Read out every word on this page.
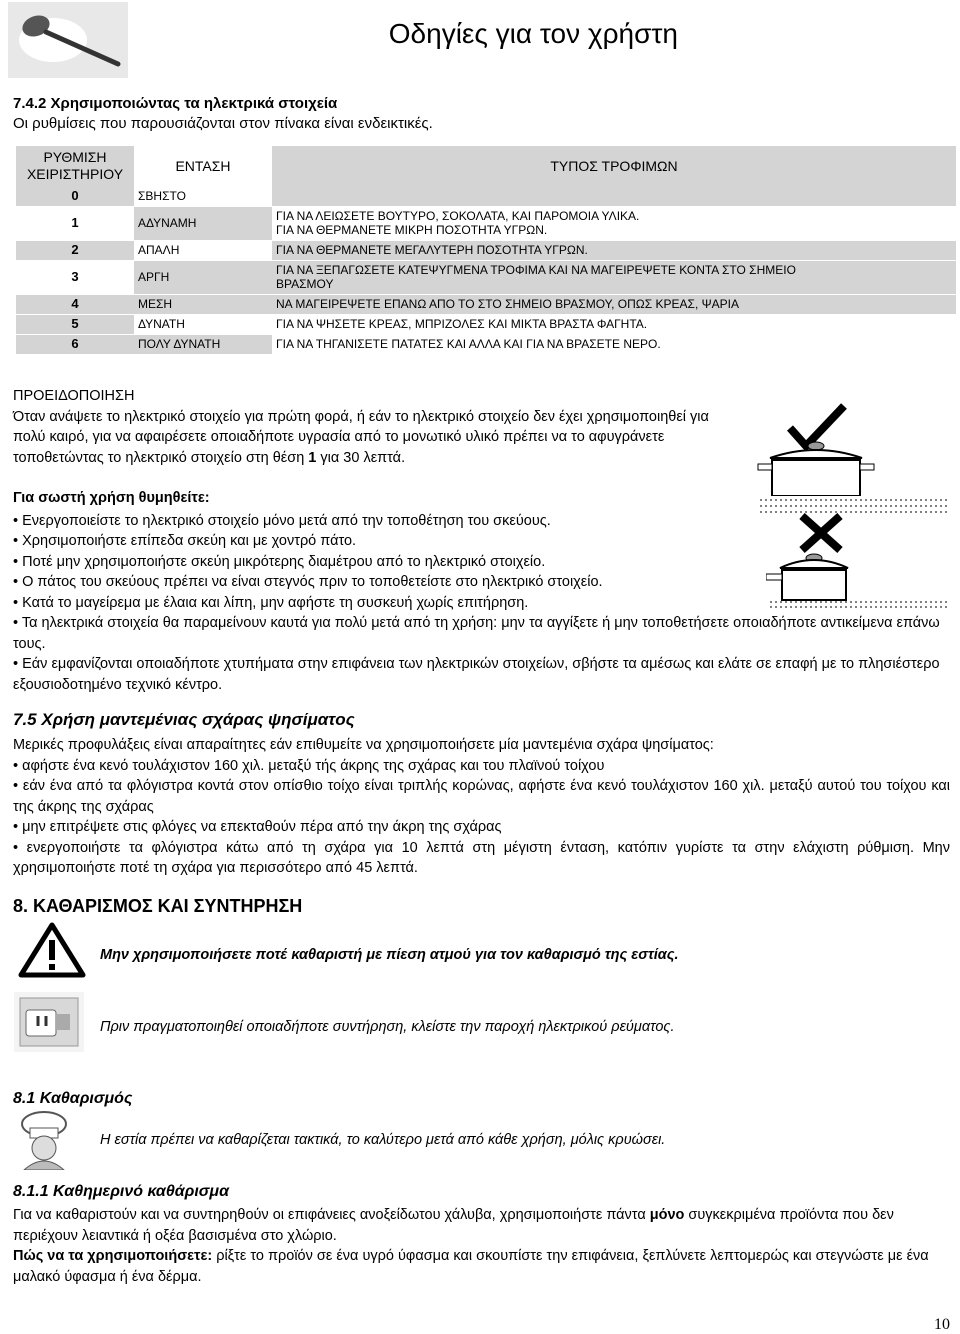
Οδηγίες για τον χρήστη
7.4.2 Χρησιμοποιώντας τα ηλεκτρικά στοιχεία
Οι ρυθμίσεις που παρουσιάζονται στον πίνακα είναι ενδεικτικές.
ΡΥΘΜΙΣΗ
ΧΕΙΡΙΣΤΗΡΙΟΥ	ΕΝΤΑΣΗ	ΤΥΠΟΣ ΤΡΟΦΙΜΩΝ
0	ΣΒΗΣΤΟ	
1	ΑΔΥΝΑΜΗ	ΓΙΑ ΝΑ ΛΕΙΩΣΕΤΕ ΒΟΥΤΥΡΟ, ΣΟΚΟΛΑΤΑ, ΚΑΙ ΠΑΡΟΜΟΙΑ ΥΛΙΚΑ.
ΓΙΑ ΝΑ ΘΕΡΜΑΝΕΤΕ ΜΙΚΡΗ ΠΟΣΟΤΗΤΑ ΥΓΡΩΝ.
2	ΑΠΑΛΗ	ΓΙΑ ΝΑ ΘΕΡΜΑΝΕΤΕ ΜΕΓΑΛΥΤΕΡΗ ΠΟΣΟΤΗΤΑ ΥΓΡΩΝ.
3	ΑΡΓΗ	ΓΙΑ ΝΑ ΞΕΠΑΓΩΣΕΤΕ ΚΑΤΕΨΥΓΜΕΝΑ ΤΡΟΦΙΜΑ ΚΑΙ ΝΑ ΜΑΓΕΙΡΕΨΕΤΕ ΚΟΝΤΑ ΣΤΟ ΣΗΜΕΙΟ
ΒΡΑΣΜΟΥ
4	ΜΕΣΗ	ΝΑ ΜΑΓΕΙΡΕΨΕΤΕ ΕΠΑΝΩ ΑΠΟ ΤΟ ΣΤΟ ΣΗΜΕΙΟ ΒΡΑΣΜΟΥ, ΟΠΩΣ ΚΡΕΑΣ, ΨΑΡΙΑ
5	ΔΥΝΑΤΗ	ΓΙΑ ΝΑ ΨΗΣΕΤΕ ΚΡΕΑΣ, ΜΠΡΙΖΟΛΕΣ ΚΑΙ ΜΙΚΤΑ ΒΡΑΣΤΑ ΦΑΓΗΤΑ.
6	ΠΟΛΥ ΔΥΝΑΤΗ	ΓΙΑ ΝΑ ΤΗΓΑΝΙΣΕΤΕ ΠΑΤΑΤΕΣ ΚΑΙ ΑΛΛΑ ΚΑΙ ΓΙΑ ΝΑ ΒΡΑΣΕΤΕ ΝΕΡΟ.
ΠΡΟΕΙΔΟΠΟΙΗΣΗ
Όταν ανάψετε το ηλεκτρικό στοιχείο για πρώτη φορά, ή εάν το ηλεκτρικό στοιχείο δεν έχει χρησιμοποιηθεί για πολύ καιρό, για να αφαιρέσετε οποιαδήποτε υγρασία από το μονωτικό υλικό πρέπει να το αφυγράνετε τοποθετώντας το ηλεκτρικό στοιχείο στη θέση 1 για 30 λεπτά.
Για σωστή χρήση θυμηθείτε:
• Ενεργοποιείστε το ηλεκτρικό στοιχείο μόνο μετά από την τοποθέτηση του σκεύους.
• Χρησιμοποιήστε επίπεδα σκεύη και με χοντρό πάτο.
• Ποτέ μην χρησιμοποιήστε σκεύη μικρότερης διαμέτρου από το ηλεκτρικό στοιχείο.
• Ο πάτος του σκεύους πρέπει να είναι στεγνός πριν το τοποθετείστε στο ηλεκτρικό στοιχείο.
• Κατά το μαγείρεμα με έλαια και λίπη, μην αφήστε τη συσκευή χωρίς επιτήρηση.
• Τα ηλεκτρικά στοιχεία θα παραμείνουν καυτά για πολύ μετά από τη χρήση: μην τα αγγίξετε ή μην τοποθετήσετε οποιαδήποτε αντικείμενα επάνω τους.
• Εάν εμφανίζονται οποιαδήποτε χτυπήματα στην επιφάνεια των ηλεκτρικών στοιχείων, σβήστε τα αμέσως και ελάτε σε επαφή με το πλησιέστερο εξουσιοδοτημένο τεχνικό κέντρο.
7.5 Χρήση μαντεμένιας σχάρας ψησίματος
Μερικές προφυλάξεις είναι απαραίτητες εάν επιθυμείτε να χρησιμοποιήσετε μία μαντεμένια σχάρα ψησίματος:
• αφήστε ένα κενό τουλάχιστον 160 χιλ. μεταξύ τής άκρης της σχάρας και του πλαϊνού τοίχου
• εάν ένα από τα φλόγιστρα κοντά στον οπίσθιο τοίχο είναι τριπλής κορώνας, αφήστε ένα κενό τουλάχιστον 160 χιλ. μεταξύ αυτού του τοίχου και της άκρης της σχάρας
• μην επιτρέψετε στις φλόγες να επεκταθούν πέρα από την άκρη της σχάρας
• ενεργοποιήστε τα φλόγιστρα κάτω από τη σχάρα για 10 λεπτά στη μέγιστη ένταση, κατόπιν γυρίστε τα στην ελάχιστη ρύθμιση. Μην χρησιμοποιήστε ποτέ τη σχάρα για περισσότερο από 45 λεπτά.
8. ΚΑΘΑΡΙΣΜΟΣ ΚΑΙ ΣΥΝΤΗΡΗΣΗ
Μην χρησιμοποιήσετε ποτέ καθαριστή με πίεση ατμού για τον καθαρισμό της εστίας.
Πριν πραγματοποιηθεί οποιαδήποτε συντήρηση, κλείστε την παροχή ηλεκτρικού ρεύματος.
8.1 Καθαρισμός
Η εστία πρέπει να καθαρίζεται τακτικά, το καλύτερο μετά από κάθε χρήση, μόλις κρυώσει.
8.1.1 Καθημερινό καθάρισμα
Για να καθαριστούν και να συντηρηθούν οι επιφάνειες ανοξείδωτου χάλυβα, χρησιμοποιήστε πάντα μόνο συγκεκριμένα προϊόντα που δεν περιέχουν λειαντικά ή οξέα βασισμένα στο χλώριο.
Πώς να τα χρησιμοποιήσετε: ρίξτε το προϊόν σε ένα υγρό ύφασμα και σκουπίστε την επιφάνεια, ξεπλύνετε λεπτομερώς και στεγνώστε με ένα μαλακό ύφασμα ή ένα δέρμα.
10
